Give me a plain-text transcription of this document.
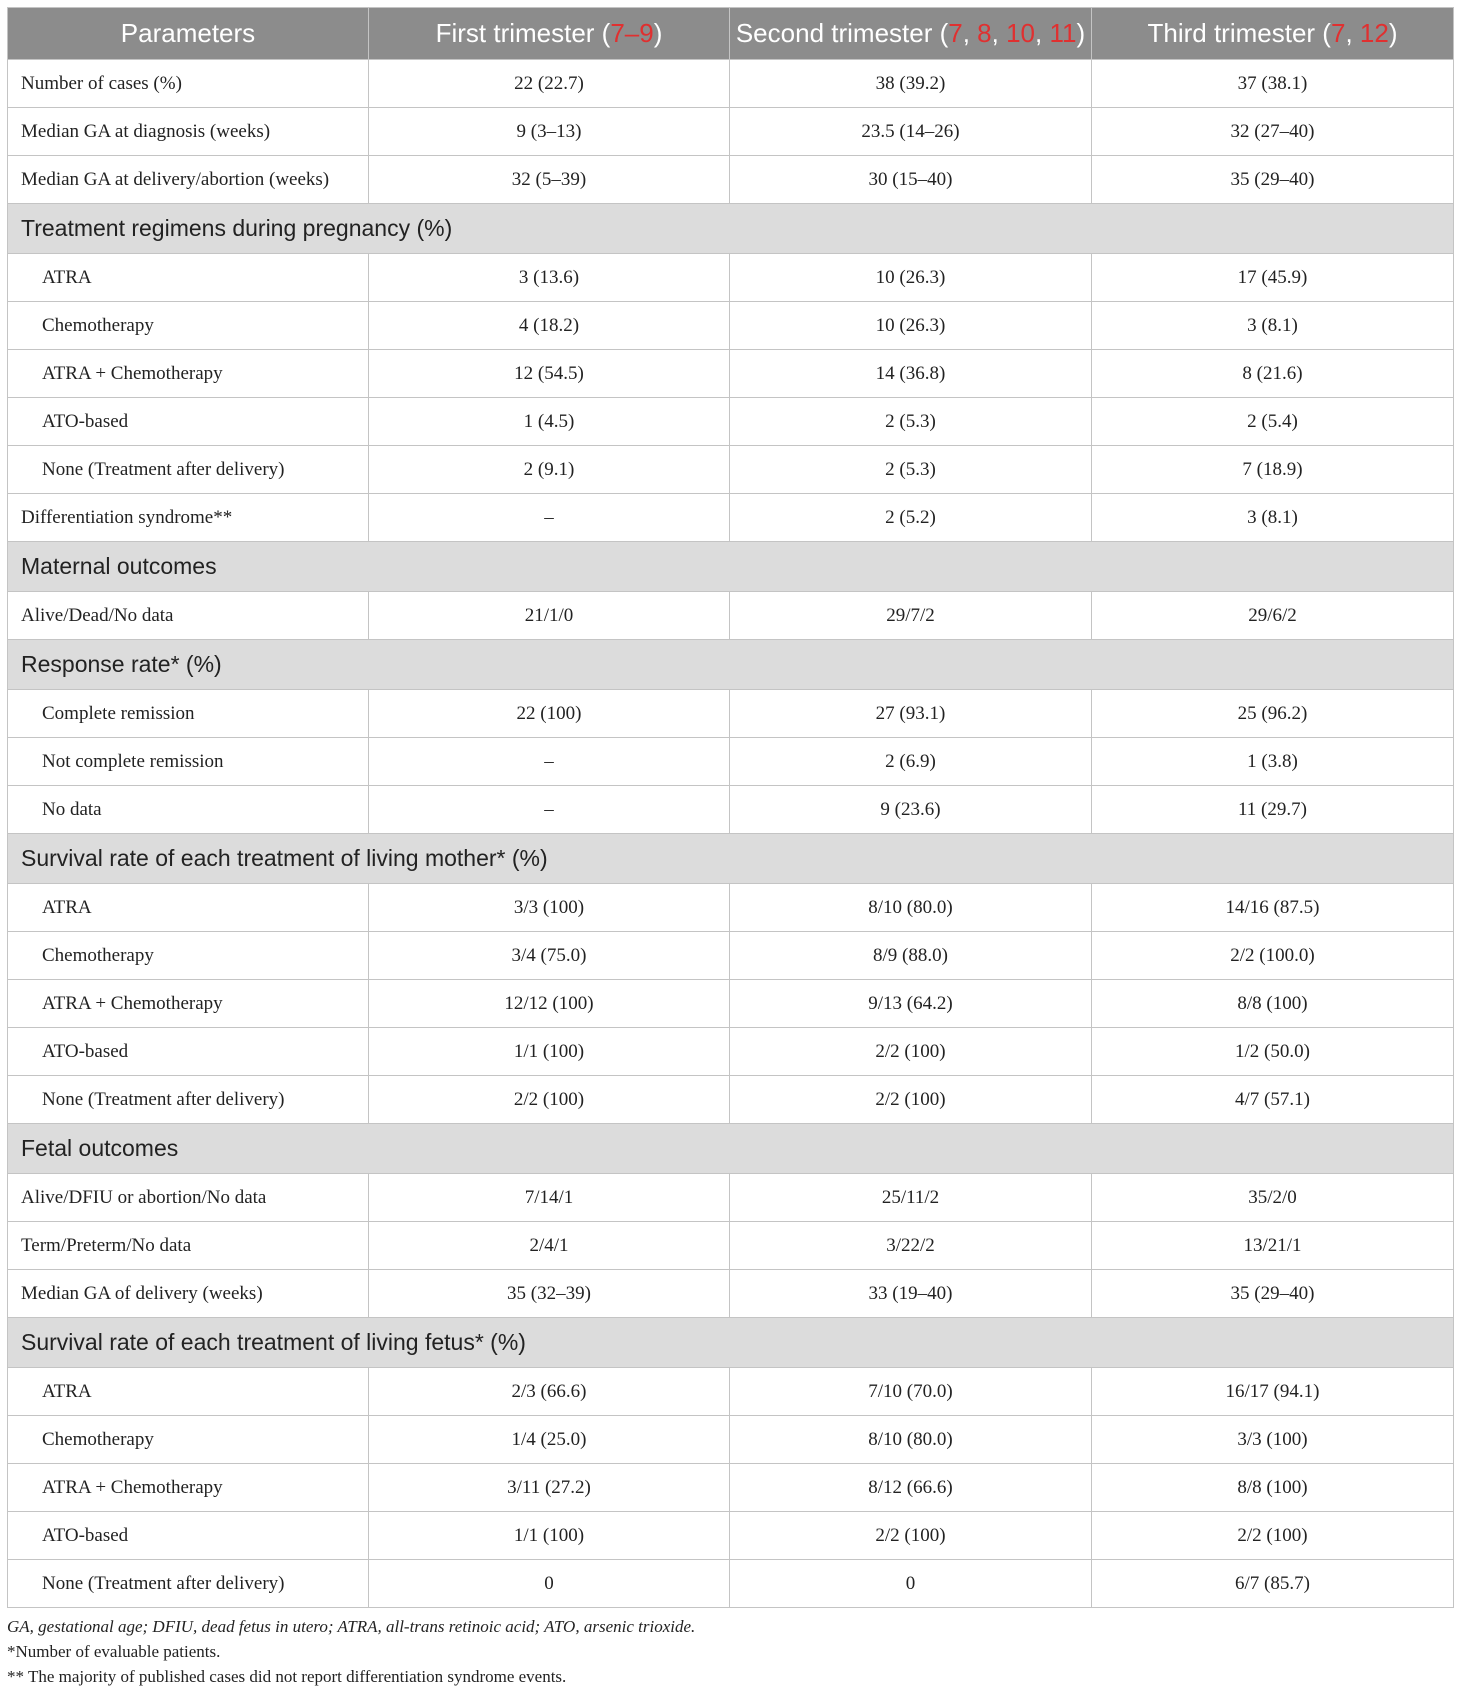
Parameters	First trimester (7–9)	Second trimester (7, 8, 10, 11)	Third trimester (7, 12)
Number of cases (%)	22 (22.7)	38 (39.2)	37 (38.1)
Median GA at diagnosis (weeks)	9 (3–13)	23.5 (14–26)	32 (27–40)
Median GA at delivery/abortion (weeks)	32 (5–39)	30 (15–40)	35 (29–40)
Treatment regimens during pregnancy (%)			
ATRA	3 (13.6)	10 (26.3)	17 (45.9)
Chemotherapy	4 (18.2)	10 (26.3)	3 (8.1)
ATRA + Chemotherapy	12 (54.5)	14 (36.8)	8 (21.6)
ATO-based	1 (4.5)	2 (5.3)	2 (5.4)
None (Treatment after delivery)	2 (9.1)	2 (5.3)	7 (18.9)
Differentiation syndrome**	–	2 (5.2)	3 (8.1)
Maternal outcomes			
Alive/Dead/No data	21/1/0	29/7/2	29/6/2
Response rate* (%)			
Complete remission	22 (100)	27 (93.1)	25 (96.2)
Not complete remission	–	2 (6.9)	1 (3.8)
No data	–	9 (23.6)	11 (29.7)
Survival rate of each treatment of living mother* (%)			
ATRA	3/3 (100)	8/10 (80.0)	14/16 (87.5)
Chemotherapy	3/4 (75.0)	8/9 (88.0)	2/2 (100.0)
ATRA + Chemotherapy	12/12 (100)	9/13 (64.2)	8/8 (100)
ATO-based	1/1 (100)	2/2 (100)	1/2 (50.0)
None (Treatment after delivery)	2/2 (100)	2/2 (100)	4/7 (57.1)
Fetal outcomes			
Alive/DFIU or abortion/No data	7/14/1	25/11/2	35/2/0
Term/Preterm/No data	2/4/1	3/22/2	13/21/1
Median GA of delivery (weeks)	35 (32–39)	33 (19–40)	35 (29–40)
Survival rate of each treatment of living fetus* (%)			
ATRA	2/3 (66.6)	7/10 (70.0)	16/17 (94.1)
Chemotherapy	1/4 (25.0)	8/10 (80.0)	3/3 (100)
ATRA + Chemotherapy	3/11 (27.2)	8/12 (66.6)	8/8 (100)
ATO-based	1/1 (100)	2/2 (100)	2/2 (100)
None (Treatment after delivery)	0	0	6/7 (85.7)
GA, gestational age; DFIU, dead fetus in utero; ATRA, all-trans retinoic acid; ATO, arsenic trioxide.
*Number of evaluable patients.
** The majority of published cases did not report differentiation syndrome events.
